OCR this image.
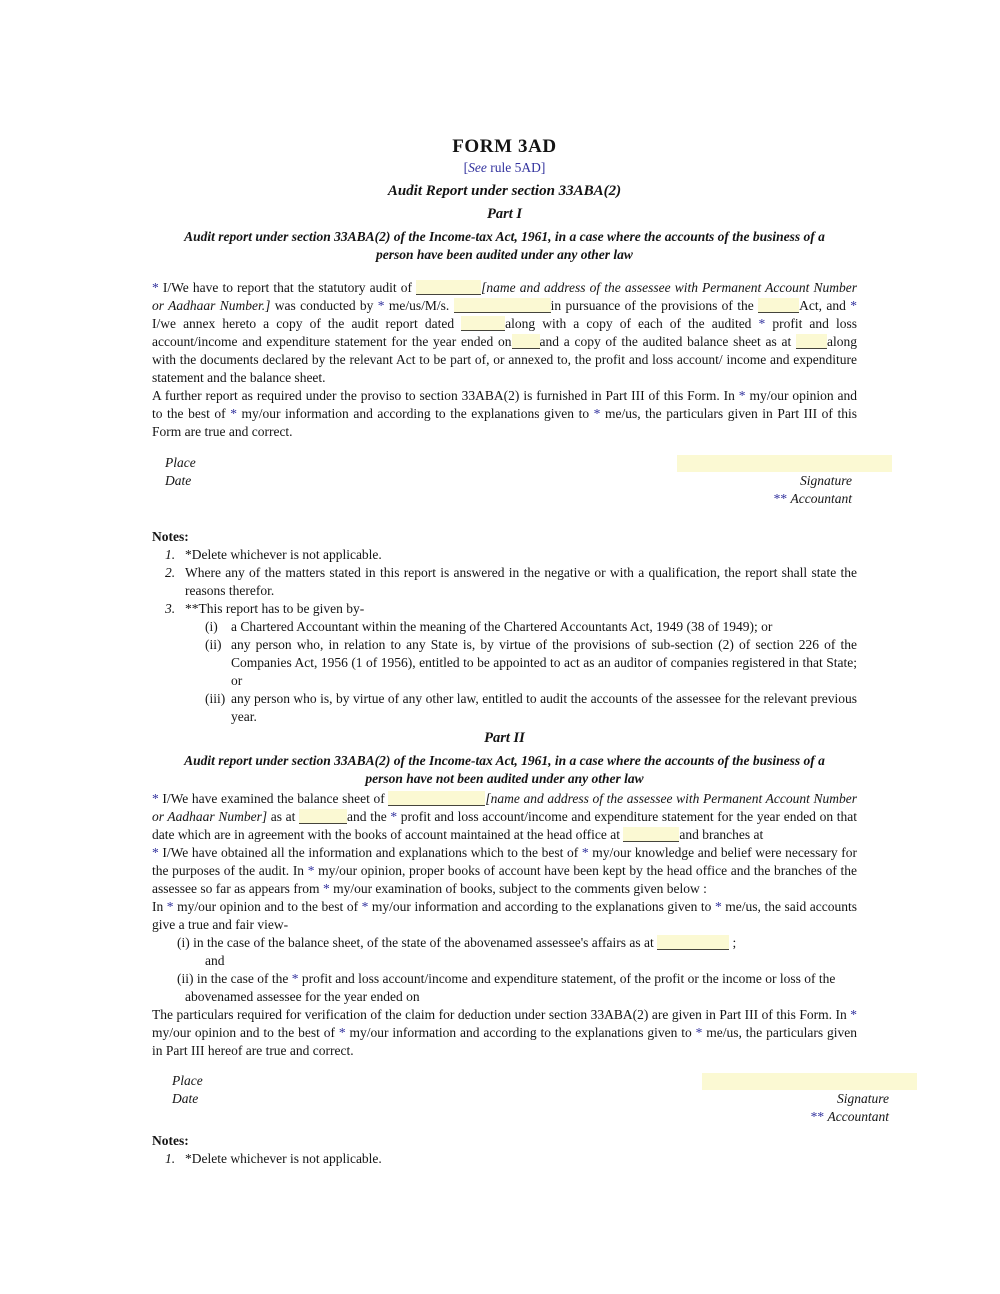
FORM 3AD
[See rule 5AD]
Audit Report under section 33ABA(2)
Part I
Audit report under section 33ABA(2) of the Income-tax Act, 1961, in a case where the accounts of the business of a person have been audited under any other law

* I/We have to report that the statutory audit of	[name and address of the assessee with Permanent Account Number or Aadhaar Number.] was conducted by * me/us/M/s.	in pursuance of the provisions of the	Act, and * I/we annex hereto a copy of the audit report dated	along with a copy of each of the audited * profit and loss account/income and expenditure statement for the year ended on and a copy of the audited balance sheet as at along with the documents declared by the relevant Act to be part of, or annexed to, the profit and loss account/ income and expenditure statement and the balance sheet.

A further report as required under the proviso to section 33ABA(2) is furnished in Part III of this Form. In * my/our opinion and to the best of * my/our information and according to the explanations given to * me/us, the particulars given in Part III of this Form are true and correct.

Place
Date	Signature
** Accountant
Notes:
1. *Delete whichever is not applicable.
2. Where any of the matters stated in this report is answered in the negative or with a qualification, the report shall state the reasons therefor.
3. **This report has to be given by-
(i) a Chartered Accountant within the meaning of the Chartered Accountants Act, 1949 (38 of 1949); or
(ii) any person who, in relation to any State is, by virtue of the provisions of sub-section (2) of section 226 of the Companies Act, 1956 (1 of 1956), entitled to be appointed to act as an auditor of companies registered in that State; or
(iii) any person who is, by virtue of any other law, entitled to audit the accounts of the assessee for the relevant previous year.
Part II
Audit report under section 33ABA(2) of the Income-tax Act, 1961, in a case where the accounts of the business of a person have not been audited under any other law

* I/We have examined the balance sheet of	[name and address of the assessee with Permanent Account Number or Aadhaar Number] as at	and the * profit and loss account/income and expenditure statement for the year ended on that date which are in agreement with the books of account maintained at the head office at	and branches at

* I/We have obtained all the information and explanations which to the best of * my/our knowledge and belief were necessary for the purposes of the audit. In * my/our opinion, proper books of account have been kept by the head office and the branches of the assessee so far as appears from * my/our examination of books, subject to the comments given below :

In * my/our opinion and to the best of * my/our information and according to the explanations given to * me/us, the said accounts give a true and fair view-

(i) in the case of the balance sheet, of the state of the abovenamed assessee's affairs as at	;
and
(ii) in the case of the * profit and loss account/income and expenditure statement, of the profit or the income or loss of the abovenamed assessee for the year ended on

The particulars required for verification of the claim for deduction under section 33ABA(2) are given in Part III of this Form. In * my/our opinion and to the best of * my/our information and according to the explanations given to * me/us, the particulars given in Part III hereof are true and correct.

Place
Date	Signature
** Accountant
Notes:
1. *Delete whichever is not applicable.
